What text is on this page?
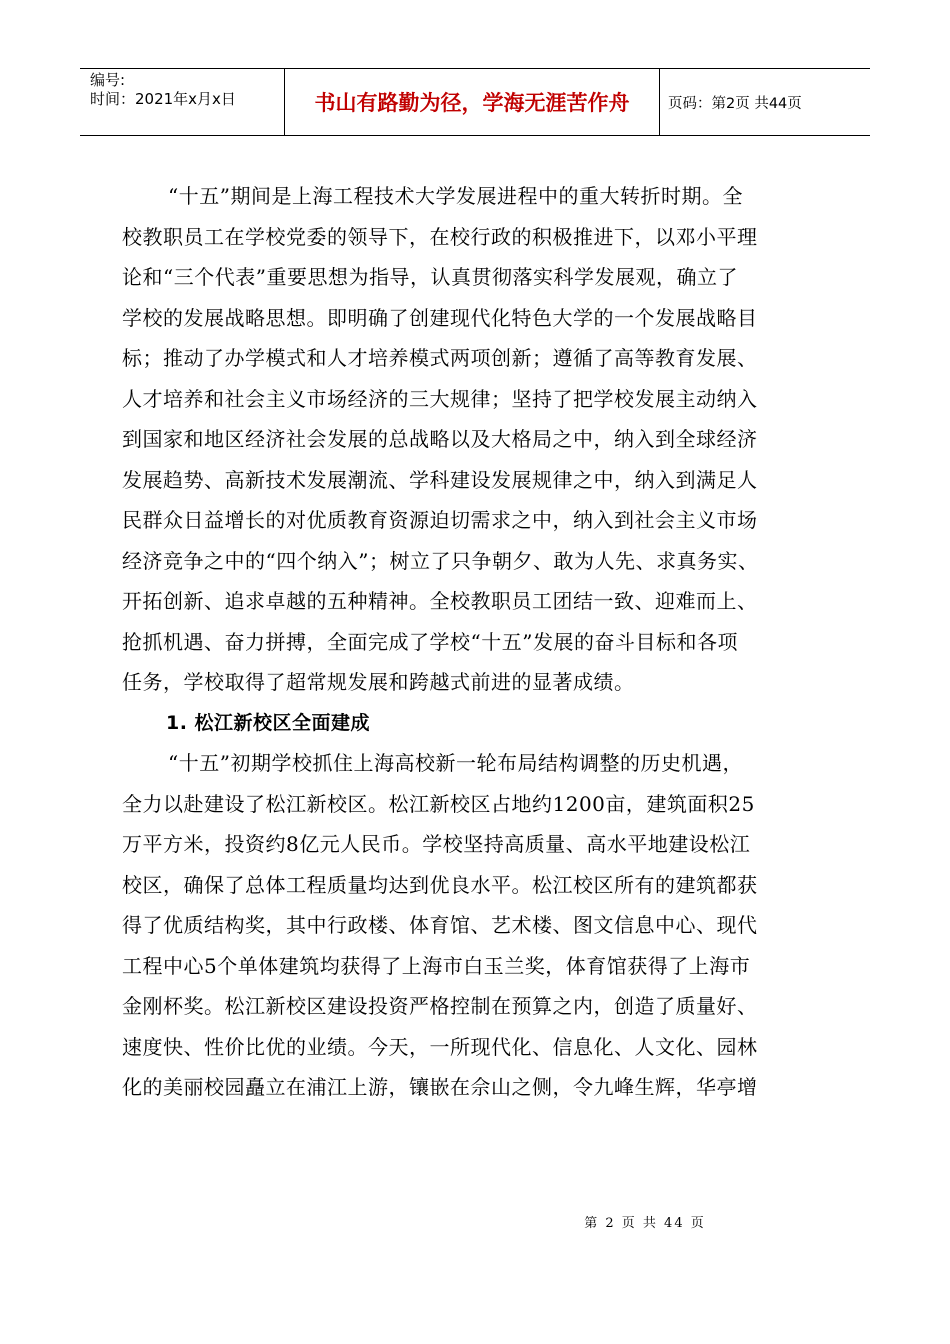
编号:
时间：2021年x月x日	书山有路勤为径，学海无涯苦作舟	页码：第2页 共44页
“十五”期间是上海工程技术大学发展进程中的重大转折时期。全
校教职员工在学校党委的领导下，在校行政的积极推进下，以邓小平理
论和“三个代表”重要思想为指导，认真贯彻落实科学发展观，确立了
学校的发展战略思想。即明确了创建现代化特色大学的一个发展战略目
标；推动了办学模式和人才培养模式两项创新；遵循了高等教育发展、
人才培养和社会主义市场经济的三大规律；坚持了把学校发展主动纳入
到国家和地区经济社会发展的总战略以及大格局之中，纳入到全球经济
发展趋势、高新技术发展潮流、学科建设发展规律之中，纳入到满足人
民群众日益增长的对优质教育资源迫切需求之中，纳入到社会主义市场
经济竞争之中的“四个纳入”；树立了只争朝夕、敢为人先、求真务实、
开拓创新、追求卓越的五种精神。全校教职员工团结一致、迎难而上、
抢抓机遇、奋力拼搏，全面完成了学校“十五”发展的奋斗目标和各项
任务，学校取得了超常规发展和跨越式前进的显著成绩。
1. 松江新校区全面建成
“十五”初期学校抓住上海高校新一轮布局结构调整的历史机遇，
全力以赴建设了松江新校区。松江新校区占地约1200亩，建筑面积25
万平方米，投资约8亿元人民币。学校坚持高质量、高水平地建设松江
校区，确保了总体工程质量均达到优良水平。松江校区所有的建筑都获
得了优质结构奖，其中行政楼、体育馆、艺术楼、图文信息中心、现代
工程中心5个单体建筑均获得了上海市白玉兰奖，体育馆获得了上海市
金刚杯奖。松江新校区建设投资严格控制在预算之内，创造了质量好、
速度快、性价比优的业绩。今天，一所现代化、信息化、人文化、园林
化的美丽校园矗立在浦江上游，镶嵌在佘山之侧，令九峰生辉，华亭增
第 2 页 共 44 页
